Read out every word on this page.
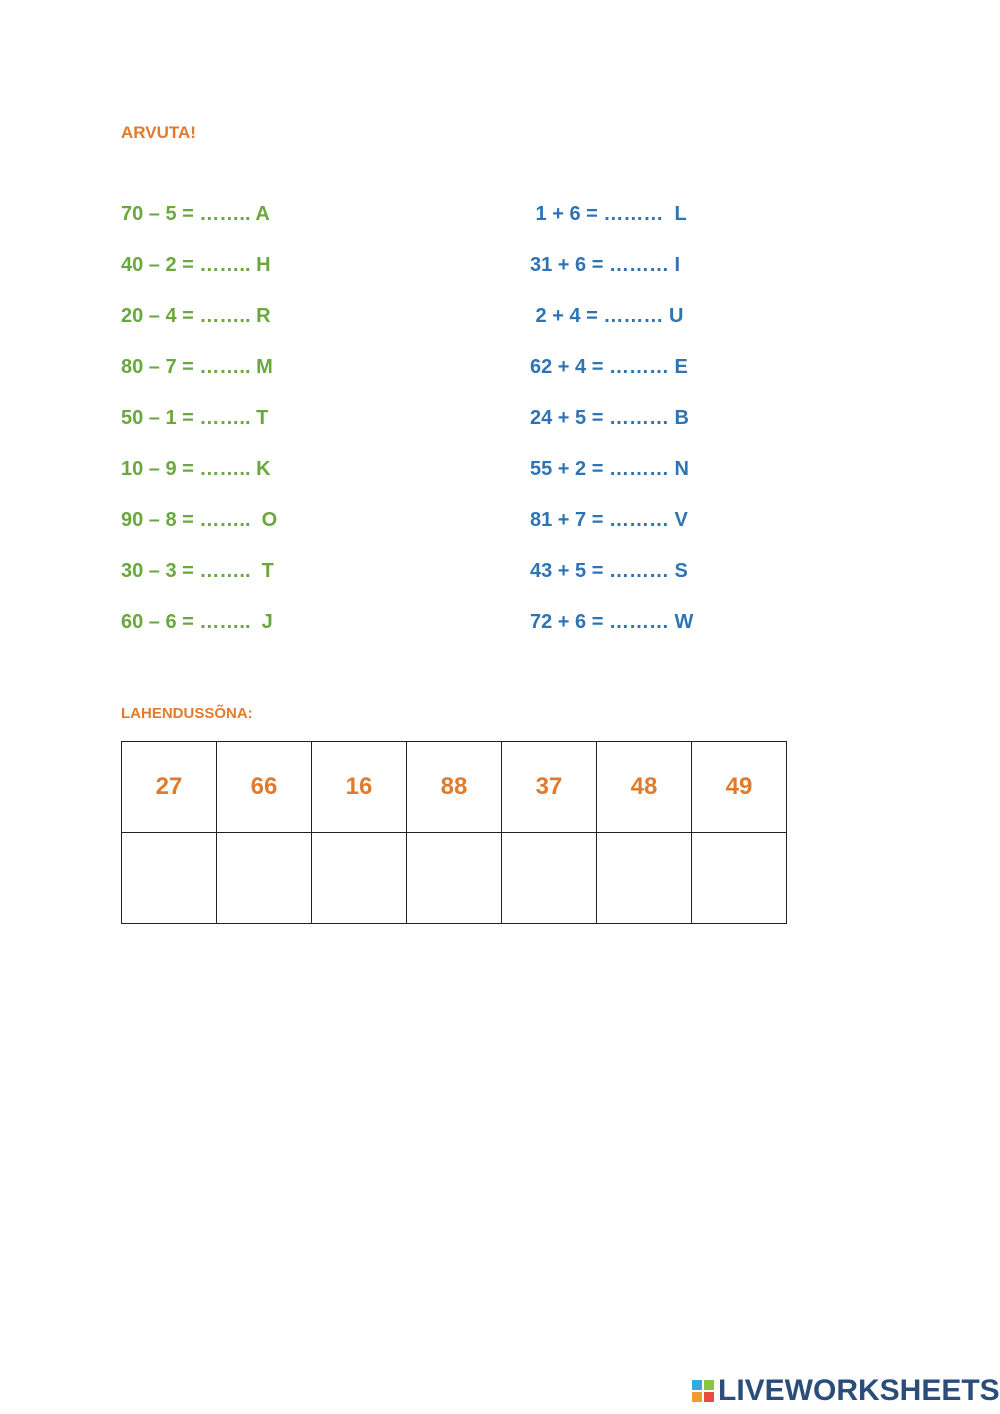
ARVUTA!
70 – 5 = …….. A
40 – 2 = …….. H
20 – 4 = …….. R
80 – 7 = …….. M
50 – 1 = …….. T
10 – 9 = …….. K
90 – 8 = ……..  O
30 – 3 = ……..  T
60 – 6 = ……..  J
1 + 6 = ………  L
31 + 6 = ……… I
2 + 4 = ……… U
62 + 4 = ……… E
24 + 5 = ……… B
55 + 2 = ……… N
81 + 7 = ……… V
43 + 5 = ……… S
72 + 6 = ……… W
LAHENDUSSÕNA:
27	66	16	88	37	48	49

LIVEWORKSHEETS
